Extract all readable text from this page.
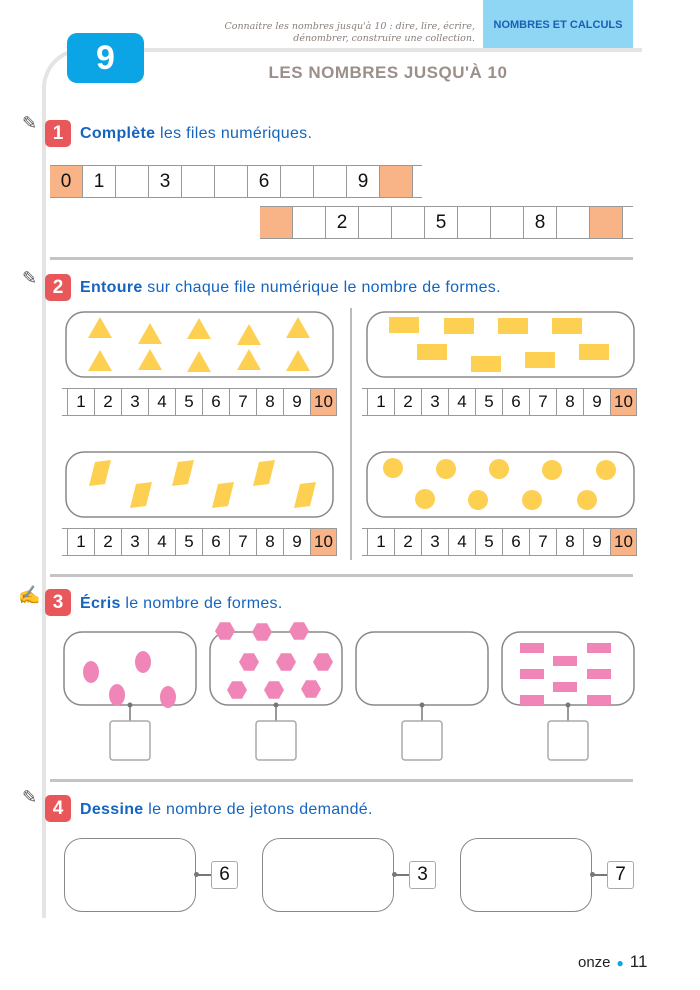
NOMBRES ET CALCULS
Connaitre les nombres jusqu'à 10 : dire, lire, écrire,
dénombrer, construire une collection.
9	LES NOMBRES JUSQU'À 10
✎ 1	Complète les files numériques.
0	1	3	6	9
2	5	8
✎ 2	Entoure sur chaque file numérique le nombre de formes.
1	2	3	4	5	6	7	8	9 10	1	2	3	4	5	6	7	8	9 10
1	2	3	4	5	6	7	8	9 10	1	2	3	4	5	6	7	8	9 10
✍ 3	Écris le nombre de formes.
✎
4	Dessine le nombre de jetons demandé.
6	3	7
onze ● 11
